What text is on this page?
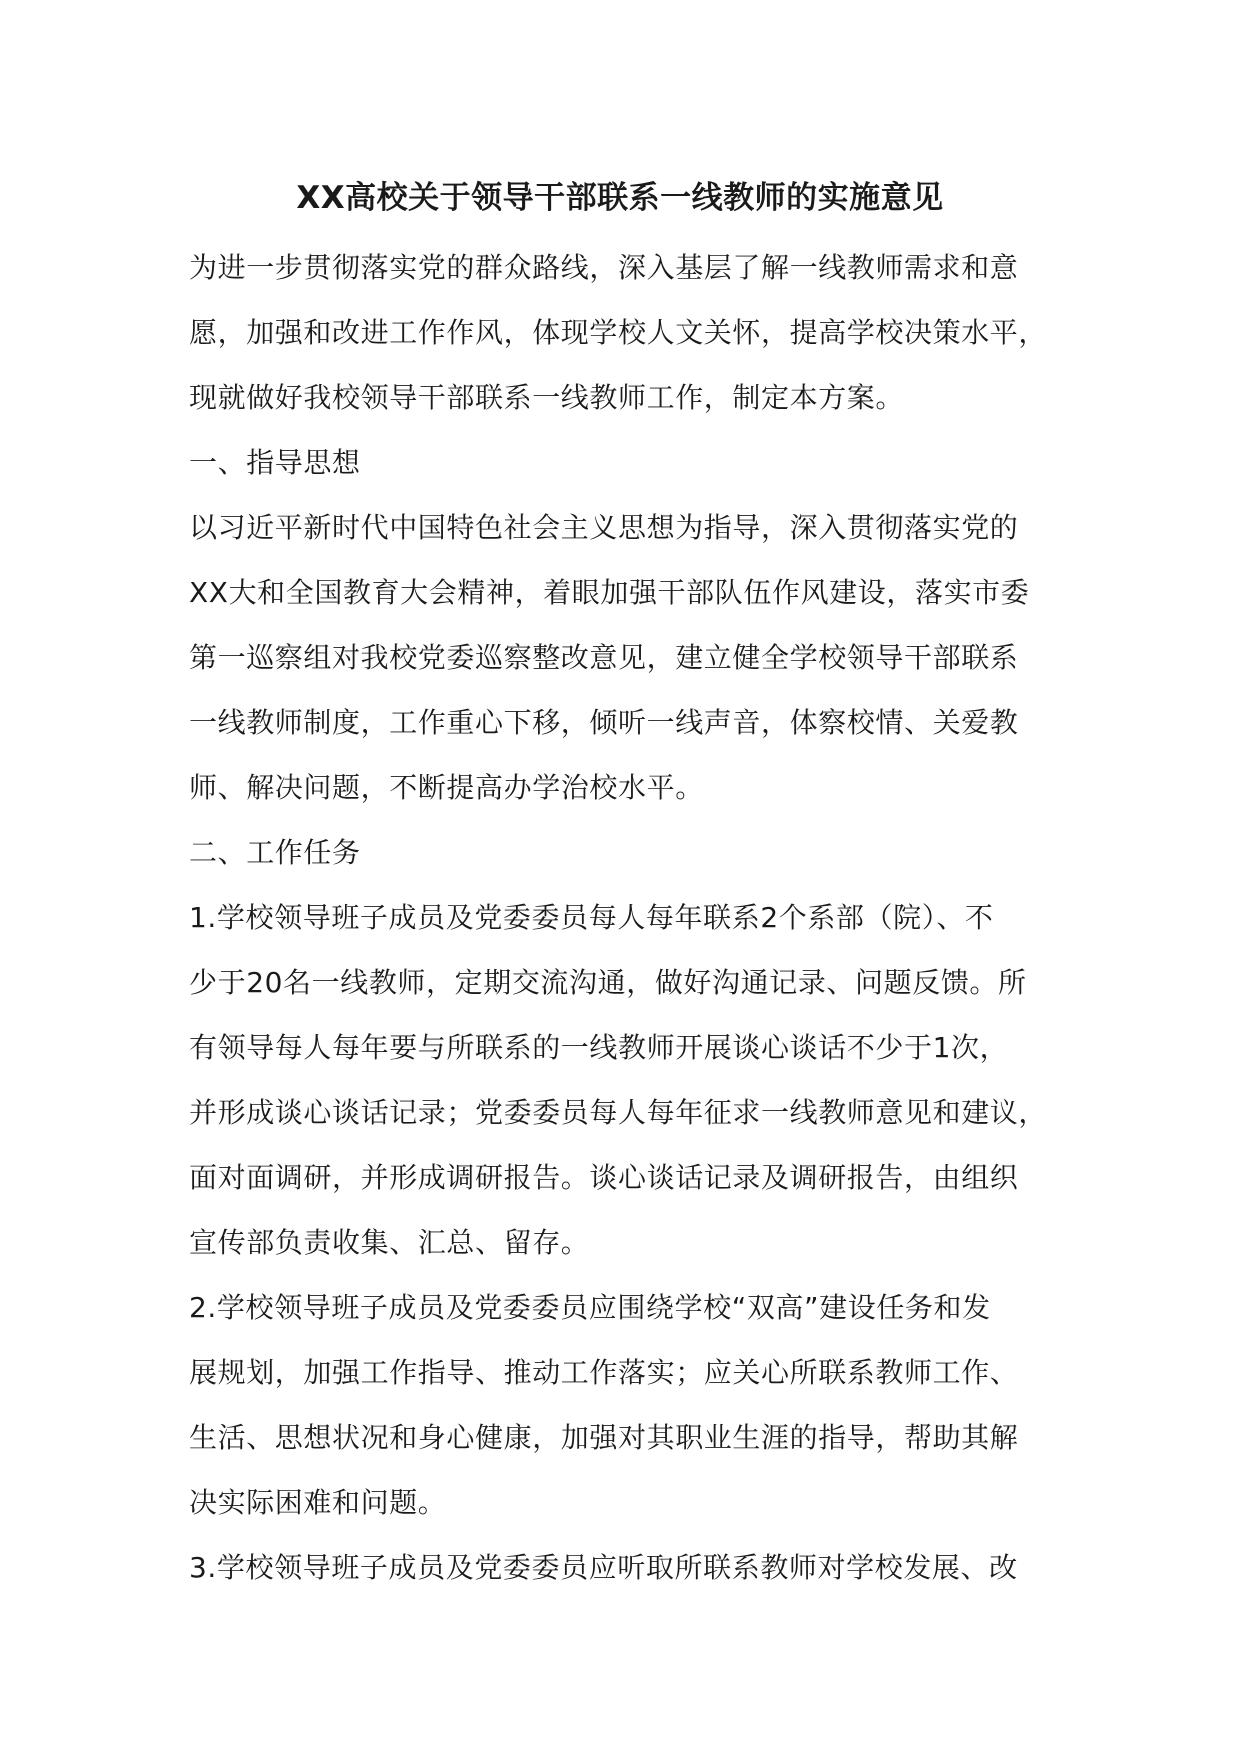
XX高校关于领导干部联系一线教师的实施意见
为进一步贯彻落实党的群众路线，深入基层了解一线教师需求和意
愿，加强和改进工作作风，体现学校人文关怀，提高学校决策水平，
现就做好我校领导干部联系一线教师工作，制定本方案。
一、指导思想
以习近平新时代中国特色社会主义思想为指导，深入贯彻落实党的
XX大和全国教育大会精神，着眼加强干部队伍作风建设，落实市委
第一巡察组对我校党委巡察整改意见，建立健全学校领导干部联系
一线教师制度，工作重心下移，倾听一线声音，体察校情、关爱教
师、解决问题，不断提高办学治校水平。
二、工作任务
1.学校领导班子成员及党委委员每人每年联系2个系部（院）、不
少于20名一线教师，定期交流沟通，做好沟通记录、问题反馈。所
有领导每人每年要与所联系的一线教师开展谈心谈话不少于1次，
并形成谈心谈话记录；党委委员每人每年征求一线教师意见和建议，
面对面调研，并形成调研报告。谈心谈话记录及调研报告，由组织
宣传部负责收集、汇总、留存。
2.学校领导班子成员及党委委员应围绕学校“双高”建设任务和发
展规划，加强工作指导、推动工作落实；应关心所联系教师工作、
生活、思想状况和身心健康，加强对其职业生涯的指导，帮助其解
决实际困难和问题。
3.学校领导班子成员及党委委员应听取所联系教师对学校发展、改
